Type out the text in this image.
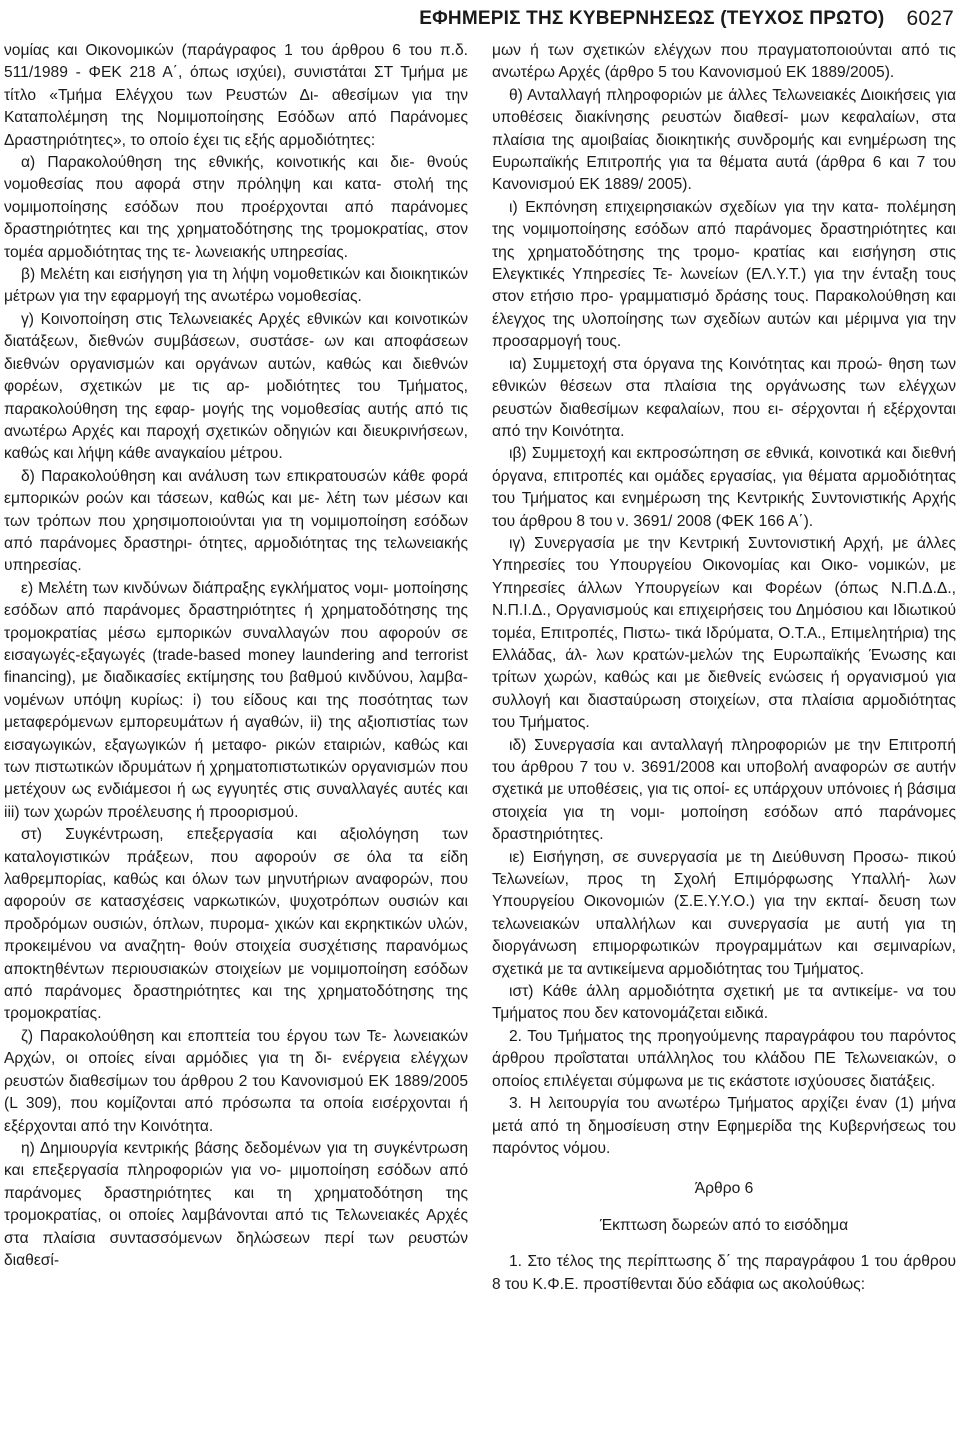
ΕΦΗΜΕΡΙΣ ΤΗΣ ΚΥΒΕΡΝΗΣΕΩΣ (ΤΕΥΧΟΣ ΠΡΩΤΟ) 6027

νομίας και Οικονομικών (παράγραφος 1 του άρθρου 6 του π.δ. 511/1989 ‑ ΦΕΚ 218 Α΄, όπως ισχύει), συνιστάται ΣΤ Τμήμα με τίτλο «Τμήμα Ελέγχου των Ρευστών Δι- αθεσίμων για την Καταπολέμηση της Νομιμοποίησης Εσόδων από Παράνομες Δραστηριότητες», το οποίο έχει τις εξής αρμοδιότητες:

α) Παρακολούθηση της εθνικής, κοινοτικής και διε- θνούς νομοθεσίας που αφορά στην πρόληψη και κατα- στολή της νομιμοποίησης εσόδων που προέρχονται από παράνομες δραστηριότητες και της χρηματοδότησης της τρομοκρατίας, στον τομέα αρμοδιότητας της τε- λωνειακής υπηρεσίας.

β) Μελέτη και εισήγηση για τη λήψη νομοθετικών και διοικητικών μέτρων για την εφαρμογή της ανωτέρω νομοθεσίας.

γ) Κοινοποίηση στις Τελωνειακές Αρχές εθνικών και κοινοτικών διατάξεων, διεθνών συμβάσεων, συστάσε- ων και αποφάσεων διεθνών οργανισμών και οργάνων αυτών, καθώς και διεθνών φορέων, σχετικών με τις αρ- μοδιότητες του Τμήματος, παρακολούθηση της εφαρ- μογής της νομοθεσίας αυτής από τις ανωτέρω Αρχές και παροχή σχετικών οδηγιών και διευκρινήσεων, καθώς και λήψη κάθε αναγκαίου μέτρου.

δ) Παρακολούθηση και ανάλυση των επικρατουσών κάθε φορά εμπορικών ροών και τάσεων, καθώς και με- λέτη των μέσων και των τρόπων που χρησιμοποιούνται για τη νομιμοποίηση εσόδων από παράνομες δραστηρι- ότητες, αρμοδιότητας της τελωνειακής υπηρεσίας.

ε) Μελέτη των κινδύνων διάπραξης εγκλήματος νομι- μοποίησης εσόδων από παράνομες δραστηριότητες ή χρηματοδότησης της τρομοκρατίας μέσω εμπορικών συναλλαγών που αφορούν σε εισαγωγές-εξαγωγές (trade-based money laundering and terrorist financing), με διαδικασίες εκτίμησης του βαθμού κινδύνου, λαμβα- νομένων υπόψη κυρίως: i) του είδους και της ποσότητας των μεταφερόμενων εμπορευμάτων ή αγαθών, ii) της αξιοπιστίας των εισαγωγικών, εξαγωγικών ή μεταφο- ρικών εταιριών, καθώς και των πιστωτικών ιδρυμάτων ή χρηματοπιστωτικών οργανισμών που μετέχουν ως ενδιάμεσοι ή ως εγγυητές στις συναλλαγές αυτές και iii) των χωρών προέλευσης ή προορισμού.

στ) Συγκέντρωση, επεξεργασία και αξιολόγηση των καταλογιστικών πράξεων, που αφορούν σε όλα τα είδη λαθρεμπορίας, καθώς και όλων των μηνυτήριων αναφορών, που αφορούν σε κατασχέσεις ναρκωτικών, ψυχοτρόπων ουσιών και προδρόμων ουσιών, όπλων, πυρομα- χικών και εκρηκτικών υλών, προκειμένου να αναζητη- θούν στοιχεία συσχέτισης παρανόμως αποκτηθέντων περιουσιακών στοιχείων με νομιμοποίηση εσόδων από παράνομες δραστηριότητες και της χρηματοδότησης της τρομοκρατίας.

ζ) Παρακολούθηση και εποπτεία του έργου των Τε- λωνειακών Αρχών, οι οποίες είναι αρμόδιες για τη δι- ενέργεια ελέγχων ρευστών διαθεσίμων του άρθρου 2 του Κανονισμού ΕΚ 1889/2005 (L 309), που κομίζονται από πρόσωπα τα οποία εισέρχονται ή εξέρχονται από την Κοινότητα.

η) Δημιουργία κεντρικής βάσης δεδομένων για τη συγκέντρωση και επεξεργασία πληροφοριών για νο- μιμοποίηση εσόδων από παράνομες δραστηριότητες και τη χρηματοδότηση της τρομοκρατίας, οι οποίες λαμβάνονται από τις Τελωνειακές Αρχές στα πλαίσια συντασσόμενων δηλώσεων περί των ρευστών διαθεσί-

μων ή των σχετικών ελέγχων που πραγματοποιούνται από τις ανωτέρω Αρχές (άρθρο 5 του Κανονισμού ΕΚ 1889/2005).

θ) Ανταλλαγή πληροφοριών με άλλες Τελωνειακές Διοικήσεις για υποθέσεις διακίνησης ρευστών διαθεσί- μων κεφαλαίων, στα πλαίσια της αμοιβαίας διοικητικής συνδρομής και ενημέρωση της Ευρωπαϊκής Επιτροπής για τα θέματα αυτά (άρθρα 6 και 7 του Κανονισμού ΕΚ 1889/ 2005).

ι) Εκπόνηση επιχειρησιακών σχεδίων για την κατα- πολέμηση της νομιμοποίησης εσόδων από παράνομες δραστηριότητες και της χρηματοδότησης της τρομο- κρατίας και εισήγηση στις Ελεγκτικές Υπηρεσίες Τε- λωνείων (ΕΛ.Υ.Τ.) για την ένταξη τους στον ετήσιο προ- γραμματισμό δράσης τους. Παρακολούθηση και έλεγχος της υλοποίησης των σχεδίων αυτών και μέριμνα για την προσαρμογή τους.

ια) Συμμετοχή στα όργανα της Κοινότητας και προώ- θηση των εθνικών θέσεων στα πλαίσια της οργάνωσης των ελέγχων ρευστών διαθεσίμων κεφαλαίων, που ει- σέρχονται ή εξέρχονται από την Κοινότητα.

ιβ) Συμμετοχή και εκπροσώπηση σε εθνικά, κοινοτικά και διεθνή όργανα, επιτροπές και ομάδες εργασίας, για θέματα αρμοδιότητας του Τμήματος και ενημέρωση της Κεντρικής Συντονιστικής Αρχής του άρθρου 8 του ν. 3691/ 2008 (ΦΕΚ 166 Α΄).

ιγ) Συνεργασία με την Κεντρική Συντονιστική Αρχή, με άλλες Υπηρεσίες του Υπουργείου Οικονομίας και Οικο- νομικών, με Υπηρεσίες άλλων Υπουργείων και Φορέων (όπως Ν.Π.Δ.Δ., Ν.Π.Ι.Δ., Οργανισμούς και επιχειρήσεις του Δημόσιου και Ιδιωτικού τομέα, Επιτροπές, Πιστω- τικά Ιδρύματα, Ο.Τ.Α., Επιμελητήρια) της Ελλάδας, άλ- λων κρατών-μελών της Ευρωπαϊκής Ένωσης και τρίτων χωρών, καθώς και με διεθνείς ενώσεις ή οργανισμού για συλλογή και διασταύρωση στοιχείων, στα πλαίσια αρμοδιότητας του Τμήματος.

ιδ) Συνεργασία και ανταλλαγή πληροφοριών με την Επιτροπή του άρθρου 7 του ν. 3691/2008 και υποβολή αναφορών σε αυτήν σχετικά με υποθέσεις, για τις οποί- ες υπάρχουν υπόνοιες ή βάσιμα στοιχεία για τη νομι- μοποίηση εσόδων από παράνομες δραστηριότητες.

ιε) Εισήγηση, σε συνεργασία με τη Διεύθυνση Προσω- πικού Τελωνείων, προς τη Σχολή Επιμόρφωσης Υπαλλή- λων Υπουργείου Οικονομιών (Σ.Ε.Υ.Υ.Ο.) για την εκπαί- δευση των τελωνειακών υπαλλήλων και συνεργασία με αυτή για τη διοργάνωση επιμορφωτικών προγραμμάτων και σεμιναρίων, σχετικά με τα αντικείμενα αρμοδιότητας του Τμήματος.

ιστ) Κάθε άλλη αρμοδιότητα σχετική με τα αντικείμε- να του Τμήματος που δεν κατονομάζεται ειδικά.

2. Του Τμήματος της προηγούμενης παραγράφου του παρόντος άρθρου προΐσταται υπάλληλος του κλάδου ΠΕ Τελωνειακών, ο οποίος επιλέγεται σύμφωνα με τις εκάστοτε ισχύουσες διατάξεις.

3. Η λειτουργία του ανωτέρω Τμήματος αρχίζει έναν (1) μήνα μετά από τη δημοσίευση στην Εφημερίδα της Κυβερνήσεως του παρόντος νόμου.

Άρθρο 6

Έκπτωση δωρεών από το εισόδημα

1. Στο τέλος της περίπτωσης δ΄ της παραγράφου 1 του άρθρου 8 του Κ.Φ.Ε. προστίθενται δύο εδάφια ως ακολούθως:
